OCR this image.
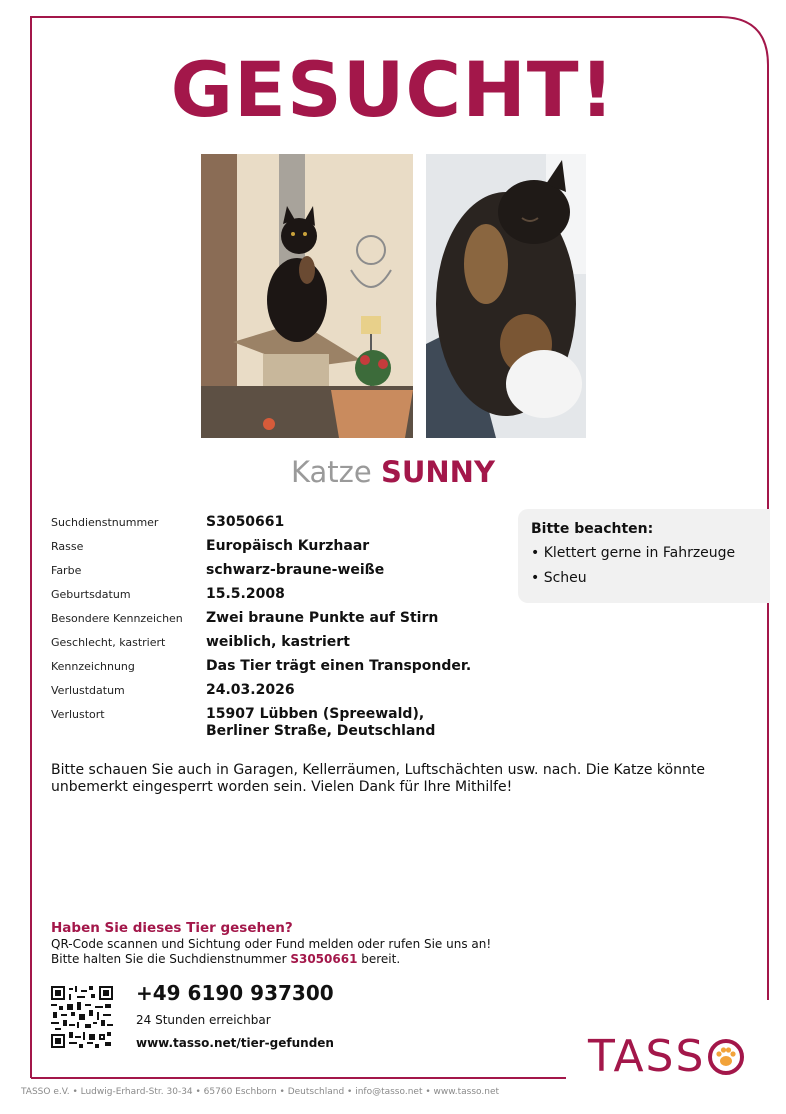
GESUCHT!
Katze SUNNY
Suchdienstnummer	S3050661
Rasse	Europäisch Kurzhaar
Farbe	schwarz-braune-weiße
Geburtsdatum	15.5.2008
Besondere Kennzeichen	Zwei braune Punkte auf Stirn
Geschlecht, kastriert	weiblich, kastriert
Kennzeichnung	Das Tier trägt einen Transponder.
Verlustdatum	24.03.2026
Verlustort	15907 Lübben (Spreewald), Berliner Straße, Deutschland
Bitte beachten:
• Klettert gerne in Fahrzeuge
• Scheu
Bitte schauen Sie auch in Garagen, Kellerräumen, Luftschächten usw. nach. Die Katze könnte unbemerkt eingesperrt worden sein. Vielen Dank für Ihre Mithilfe!
Haben Sie dieses Tier gesehen?
QR-Code scannen und Sichtung oder Fund melden oder rufen Sie uns an!
Bitte halten Sie die Suchdienstnummer S3050661 bereit.
+49 6190 937300
24 Stunden erreichbar
www.tasso.net/tier-gefunden	TASS
TASSO e.V. • Ludwig-Erhard-Str. 30-34 • 65760 Eschborn • Deutschland • info@tasso.net • www.tasso.net
